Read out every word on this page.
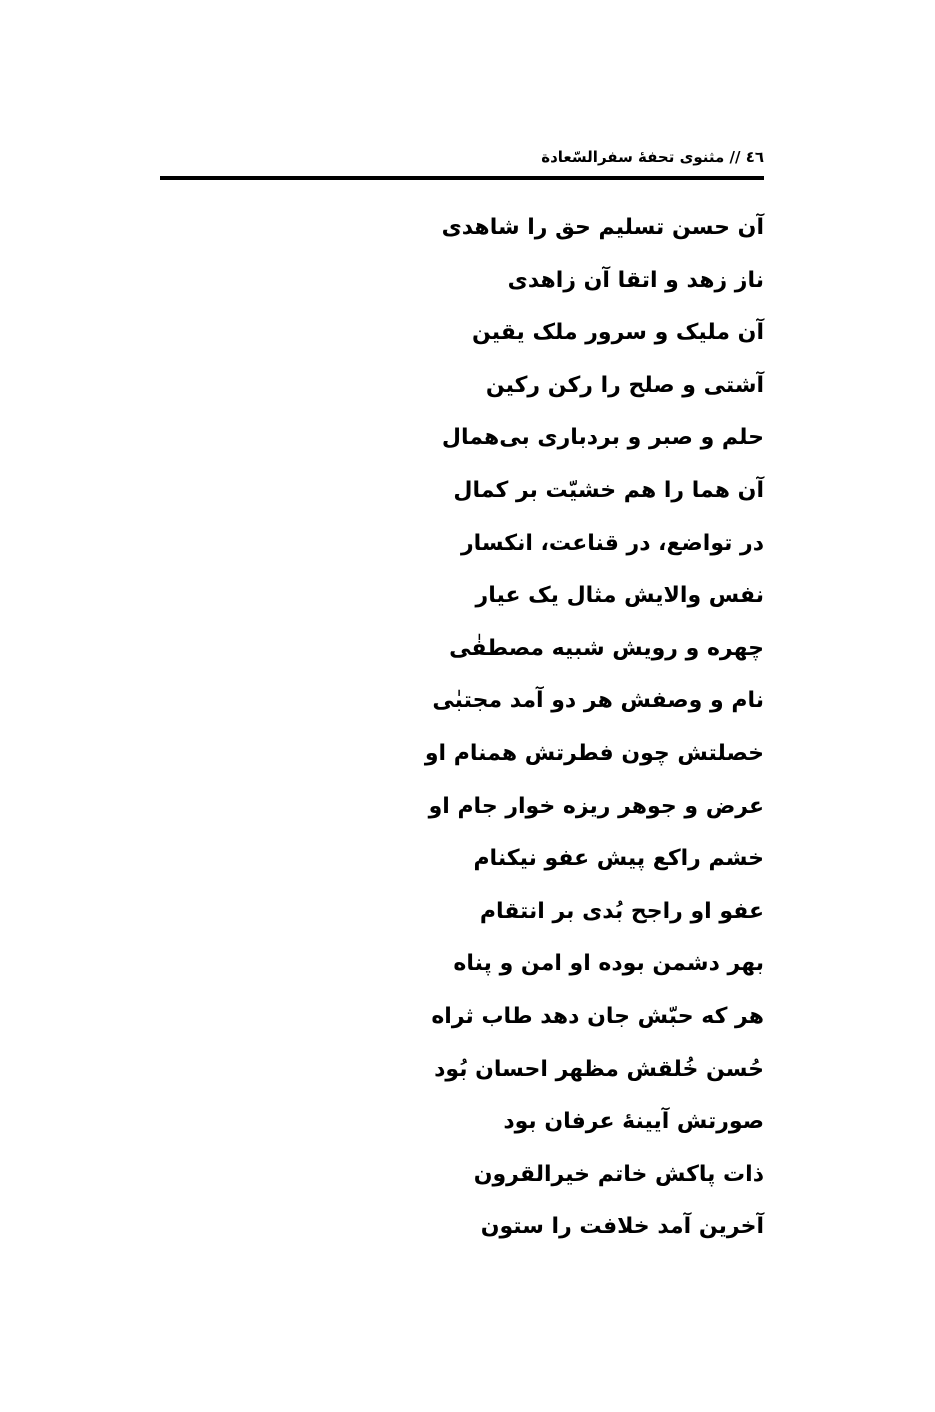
٤٦ // مثنوی تحفۀ سفرالسّعادة
آن حسن تسلیم حق را شاهدی
ناز زهد و اتقا آن زاهدی
آن ملیک و سرور ملک یقین
آشتی و صلح را رکن رکین
حلم و صبر و بردباری بی‌همال
آن هما را هم خشیّت بر کمال
در تواضع، در قناعت، انکسار
نفس والایش مثال یک عیار
چهره و رویش شبیه مصطفٰی
نام و وصفش هر دو آمد مجتبٰی
خصلتش چون فطرتش همنام او
عرض و جوهر ریزه خوار جام او
خشم راکع پیش عفو نیکنام
عفو او راجح بُدی بر انتقام
بهر دشمن بوده او امن و پناه
هر که حبّش جان دهد طاب ثراه
حُسن خُلقش مظهر احسان بُود
صورتش آیینۀ عرفان بود
ذات پاکش خاتم خیرالقرون
آخرین آمد خلافت را ستون
